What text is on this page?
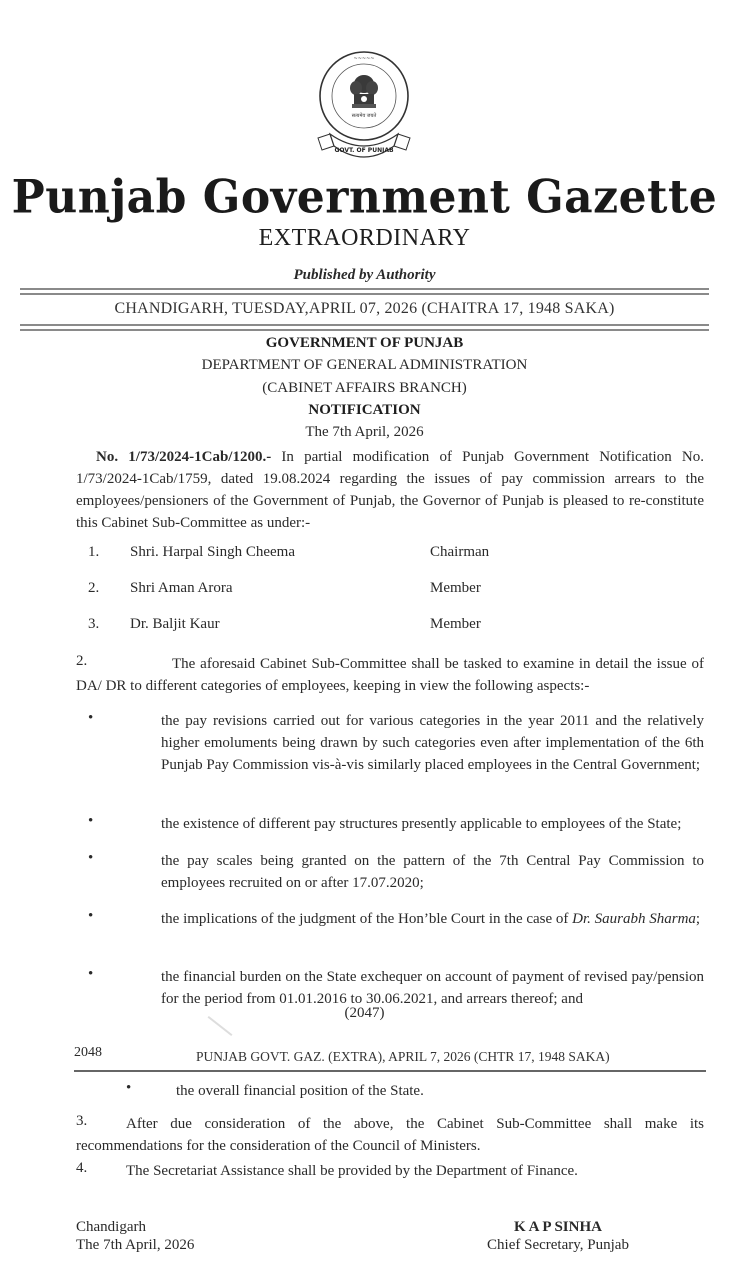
सत्यमेव जयते
~~~~~
GOVT. OF PUNJAB
Punjab Government Gazette
EXTRAORDINARY
Published by Authority
CHANDIGARH, TUESDAY,APRIL 07, 2026 (CHAITRA 17, 1948 SAKA)
GOVERNMENT OF PUNJAB
DEPARTMENT OF GENERAL ADMINISTRATION
(CABINET AFFAIRS BRANCH)
NOTIFICATION
The 7th April, 2026
No. 1/73/2024-1Cab/1200.- In partial modification of Punjab Government Notification No. 1/73/2024-1Cab/1759, dated 19.08.2024 regarding the issues of pay commission arrears to the employees/pensioners of the Government of Punjab, the Governor of Punjab is pleased to re-constitute this Cabinet Sub-Committee as under:-
1. Shri. Harpal Singh Cheema	Chairman
2. Shri Aman Arora	Member
3. Dr. Baljit Kaur	Member
2.	The aforesaid Cabinet Sub-Committee shall be tasked to examine in detail the issue of DA/ DR to different categories of employees, keeping in view the following aspects:-
•	the pay revisions carried out for various categories in the year 2011 and the relatively higher emoluments being drawn by such categories even after implementation of the 6th Punjab Pay Commission vis-à-vis similarly placed employees in the Central Government;
•	the existence of different pay structures presently applicable to employees of the State;
•	the pay scales being granted on the pattern of the 7th Central Pay Commission to employees recruited on or after 17.07.2020;
•	the implications of the judgment of the Hon’ble Court in the case of Dr. Saurabh Sharma;
•	the financial burden on the State exchequer on account of payment of revised pay/pension for the period from 01.01.2016 to 30.06.2021, and arrears thereof; and
(2047)
2048	PUNJAB GOVT. GAZ. (EXTRA), APRIL 7, 2026 (CHTR 17, 1948 SAKA)
•	the overall financial position of the State.
3.	After due consideration of the above, the Cabinet Sub-Committee shall make its recommendations for the consideration of the Council of Ministers.
4.	The Secretariat Assistance shall be provided by the Department of Finance.
Chandigarh
The 7th April, 2026
K A P SINHA
Chief Secretary, Punjab
